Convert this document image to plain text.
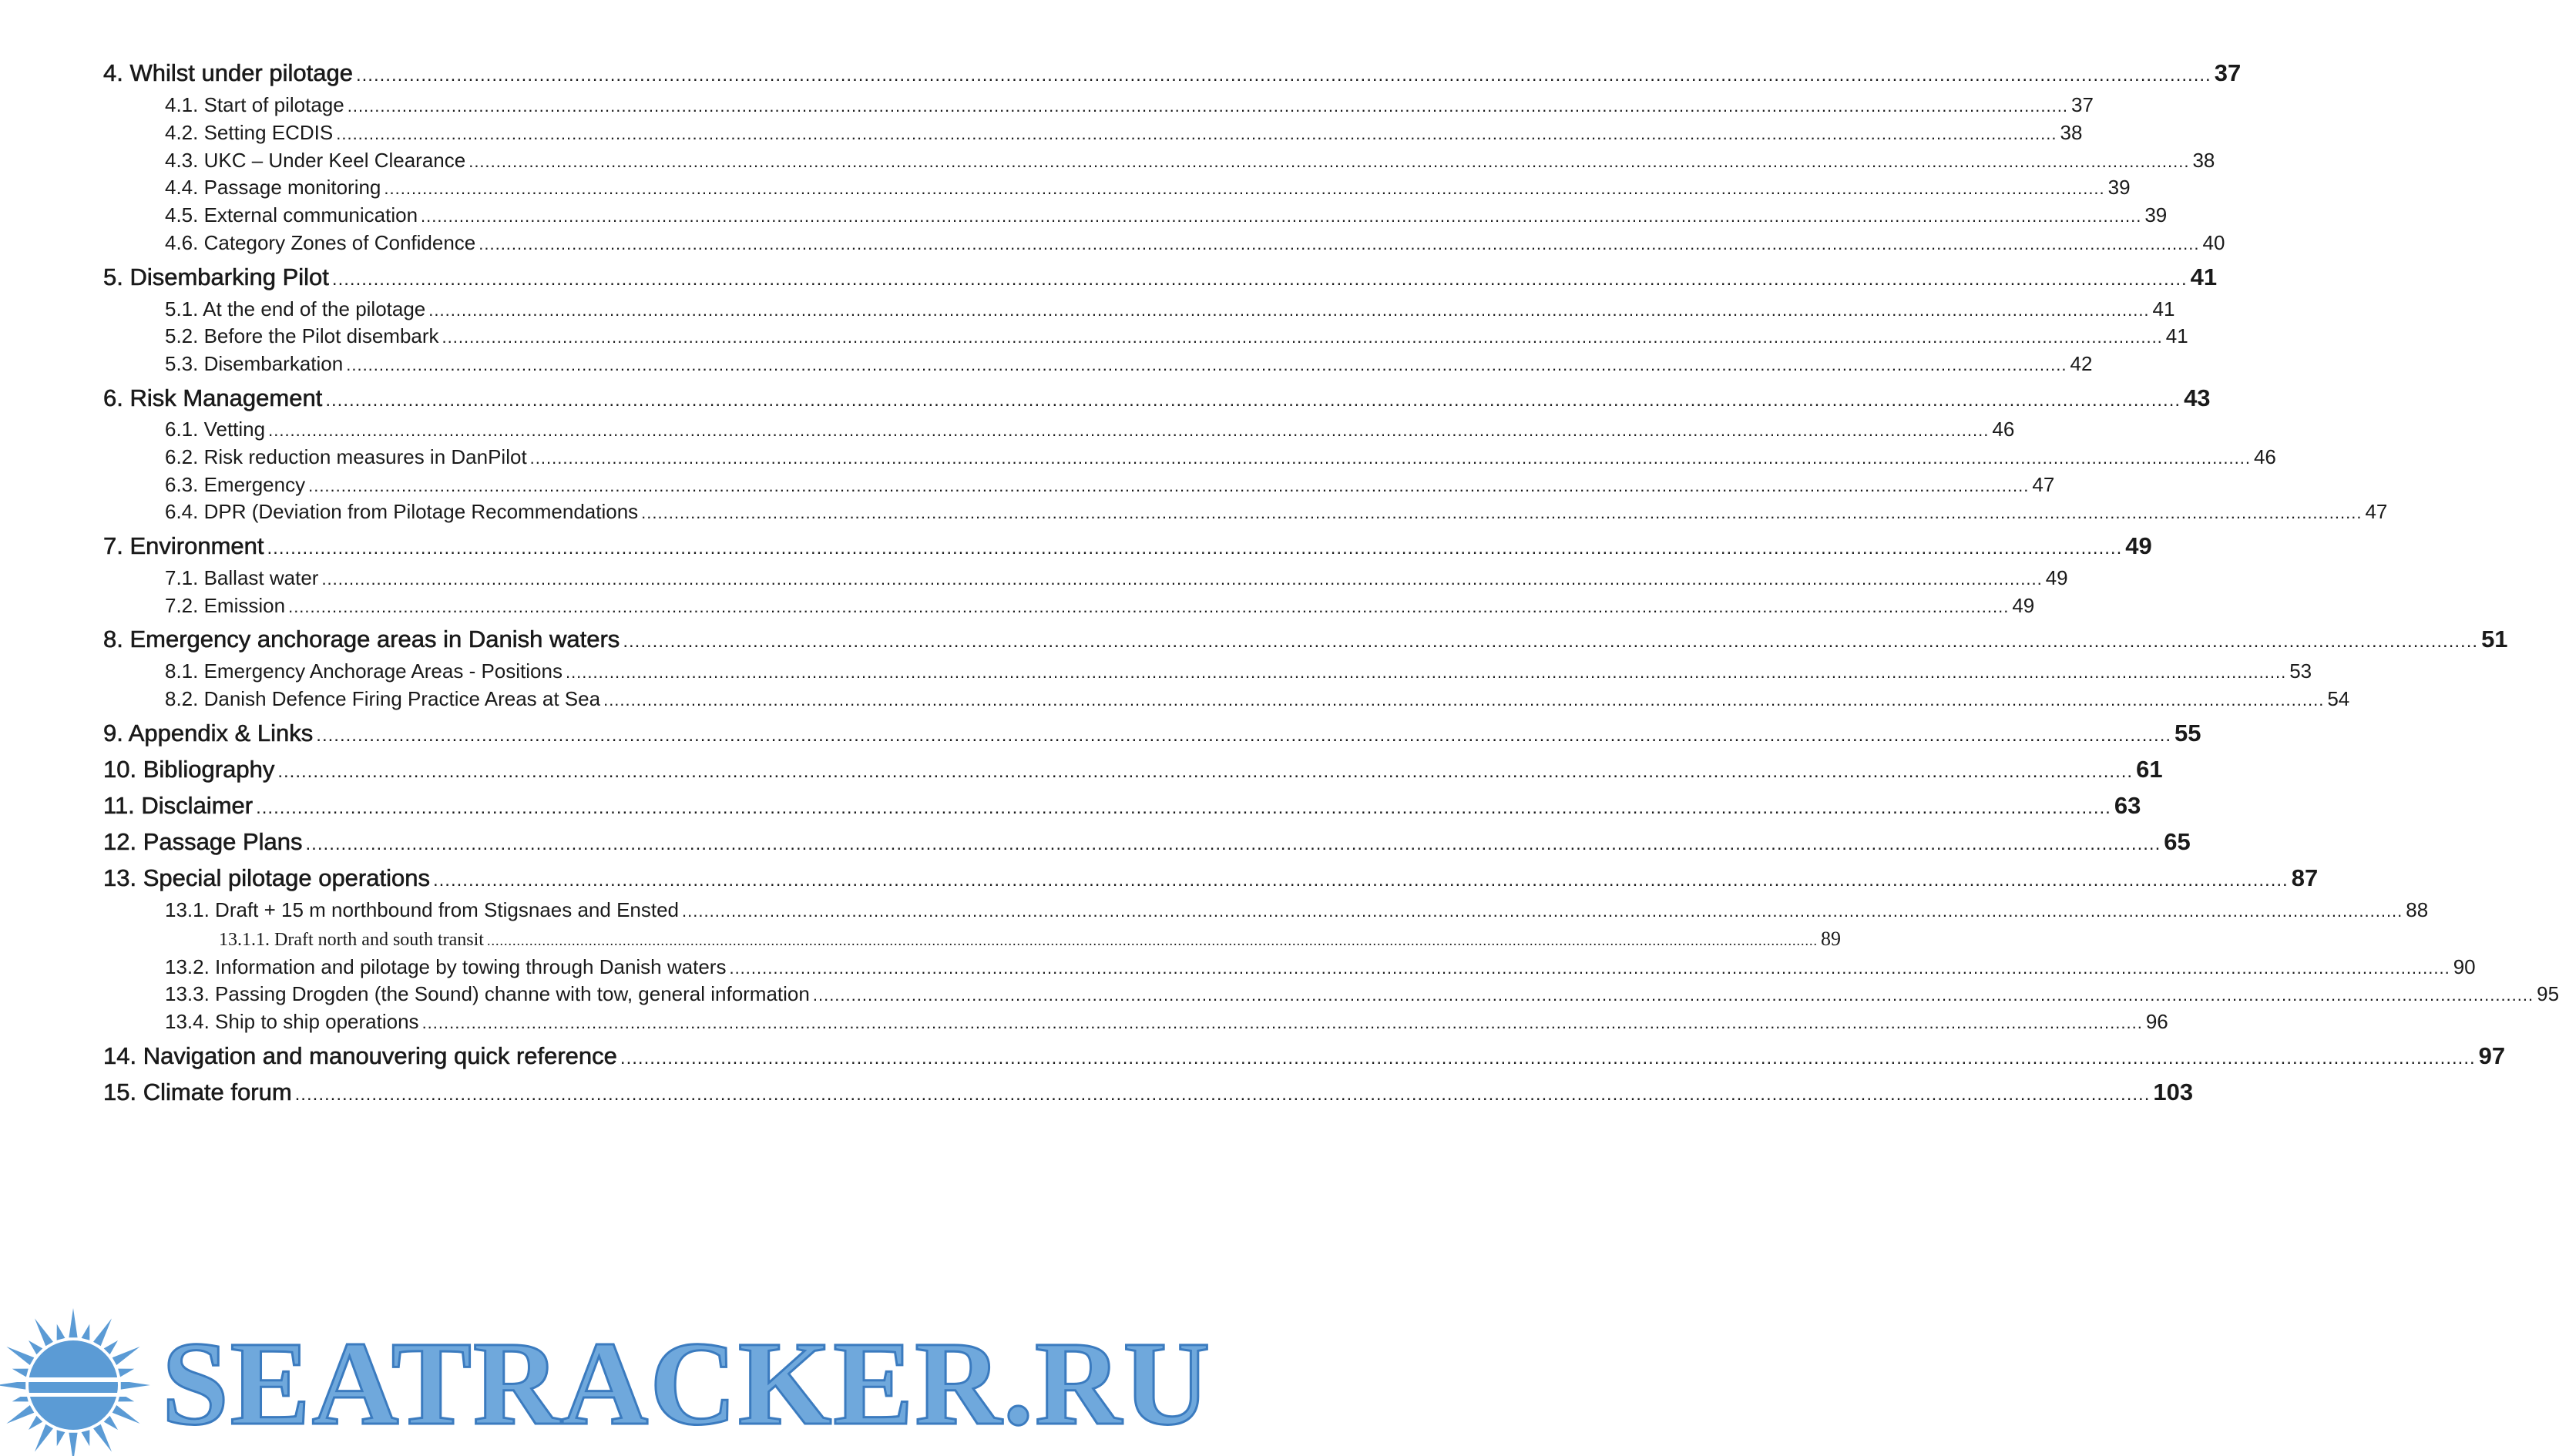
4. Whilst under pilotage .....	37
4.1. Start of pilotage .....	37
4.2. Setting ECDIS .....	38
4.3. UKC – Under Keel Clearance .....	38
4.4. Passage monitoring .....	39
4.5. External communication .....	39
4.6. Category Zones of Confidence .....	40
5. Disembarking Pilot .....	41
5.1. At the end of the pilotage .....	41
5.2. Before the Pilot disembark .....	41
5.3. Disembarkation .....	42
6. Risk Management .....	43
6.1. Vetting .....	46
6.2. Risk reduction measures in DanPilot .....	46
6.3. Emergency .....	47
6.4. DPR (Deviation from Pilotage Recommendations .....	47
7. Environment .....	49
7.1. Ballast water .....	49
7.2. Emission .....	49
8. Emergency anchorage areas in Danish waters .....	51
8.1. Emergency Anchorage Areas - Positions .....	53
8.2. Danish Defence Firing Practice Areas at Sea .....	54
9. Appendix & Links .....	55
10. Bibliography .....	61
11. Disclaimer .....	63
12. Passage Plans .....	65
13. Special pilotage operations .....	87
13.1. Draft + 15 m northbound from Stigsnaes and Ensted .....	88
13.1.1. Draft north and south transit .....	89
13.2. Information and pilotage by towing through Danish waters .....	90
13.3. Passing Drogden (the Sound) channe with tow, general information .....	95
13.4. Ship to ship operations .....	96
14. Navigation and manouvering quick reference .....	97
15. Climate forum .....	103
SEATRACKER.RU
